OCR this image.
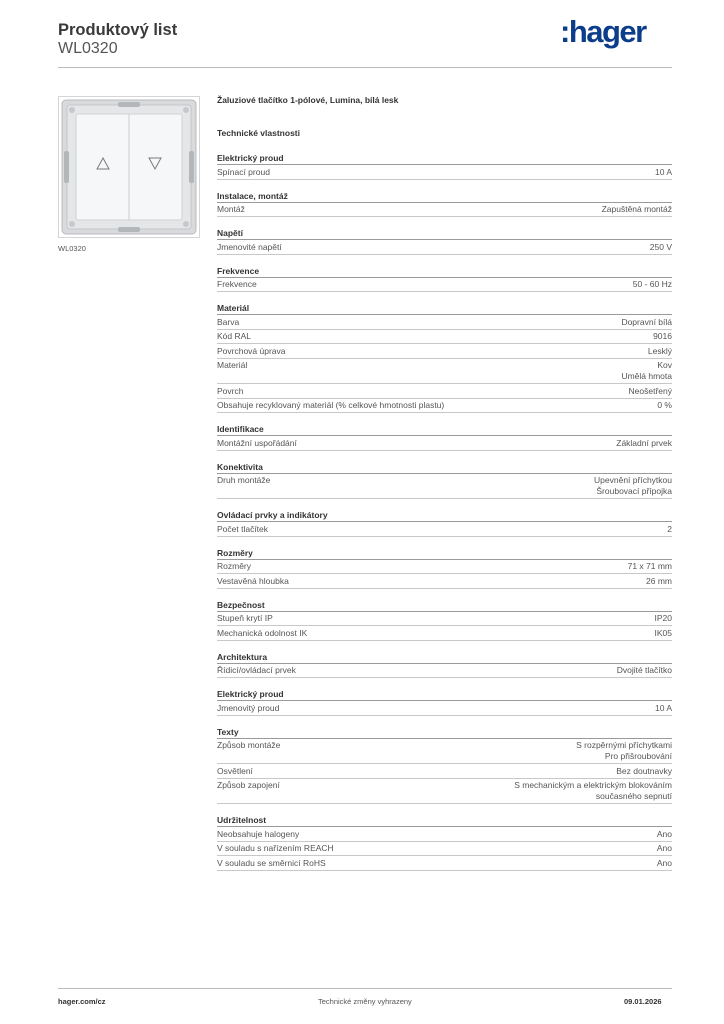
Produktový list
WL0320	:hager
WL0320
Žaluziové tlačítko 1-pólové, Lumina, bílá lesk
Technické vlastnosti
Elektrický proud
Spínací proud	10 A
Instalace, montáž
Montáž	Zapuštěná montáž
Napětí
Jmenovité napětí	250 V
Frekvence
Frekvence	50 - 60 Hz
Materiál
Barva	Dopravní bílá
Kód RAL	9016
Povrchová úprava	Lesklý
Materiál	Kov
Umělá hmota
Povrch	Neošetřený
Obsahuje recyklovaný materiál (% celkové hmotnosti plastu)	0 %
Identifikace
Montážní uspořádání	Základní prvek
Konektivita
Druh montáže	Upevnění příchytkou
Šroubovací přípojka
Ovládací prvky a indikátory
Počet tlačítek	2
Rozměry
Rozměry	71 x 71 mm
Vestavěná hloubka	26 mm
Bezpečnost
Stupeň krytí IP	IP20
Mechanická odolnost IK	IK05
Architektura
Řídicí/ovládací prvek	Dvojité tlačítko
Elektrický proud
Jmenovitý proud	10 A
Texty
Způsob montáže	S rozpěrnými příchytkami
Pro přišroubování
Osvětlení	Bez doutnavky
Způsob zapojení	S mechanickým a elektrickým blokováním
současného sepnutí
Udržitelnost
Neobsahuje halogeny	Ano
V souladu s nařízením REACH	Ano
V souladu se směrnicí RoHS	Ano
hager.com/cz	Technické změny vyhrazeny	09.01.2026
